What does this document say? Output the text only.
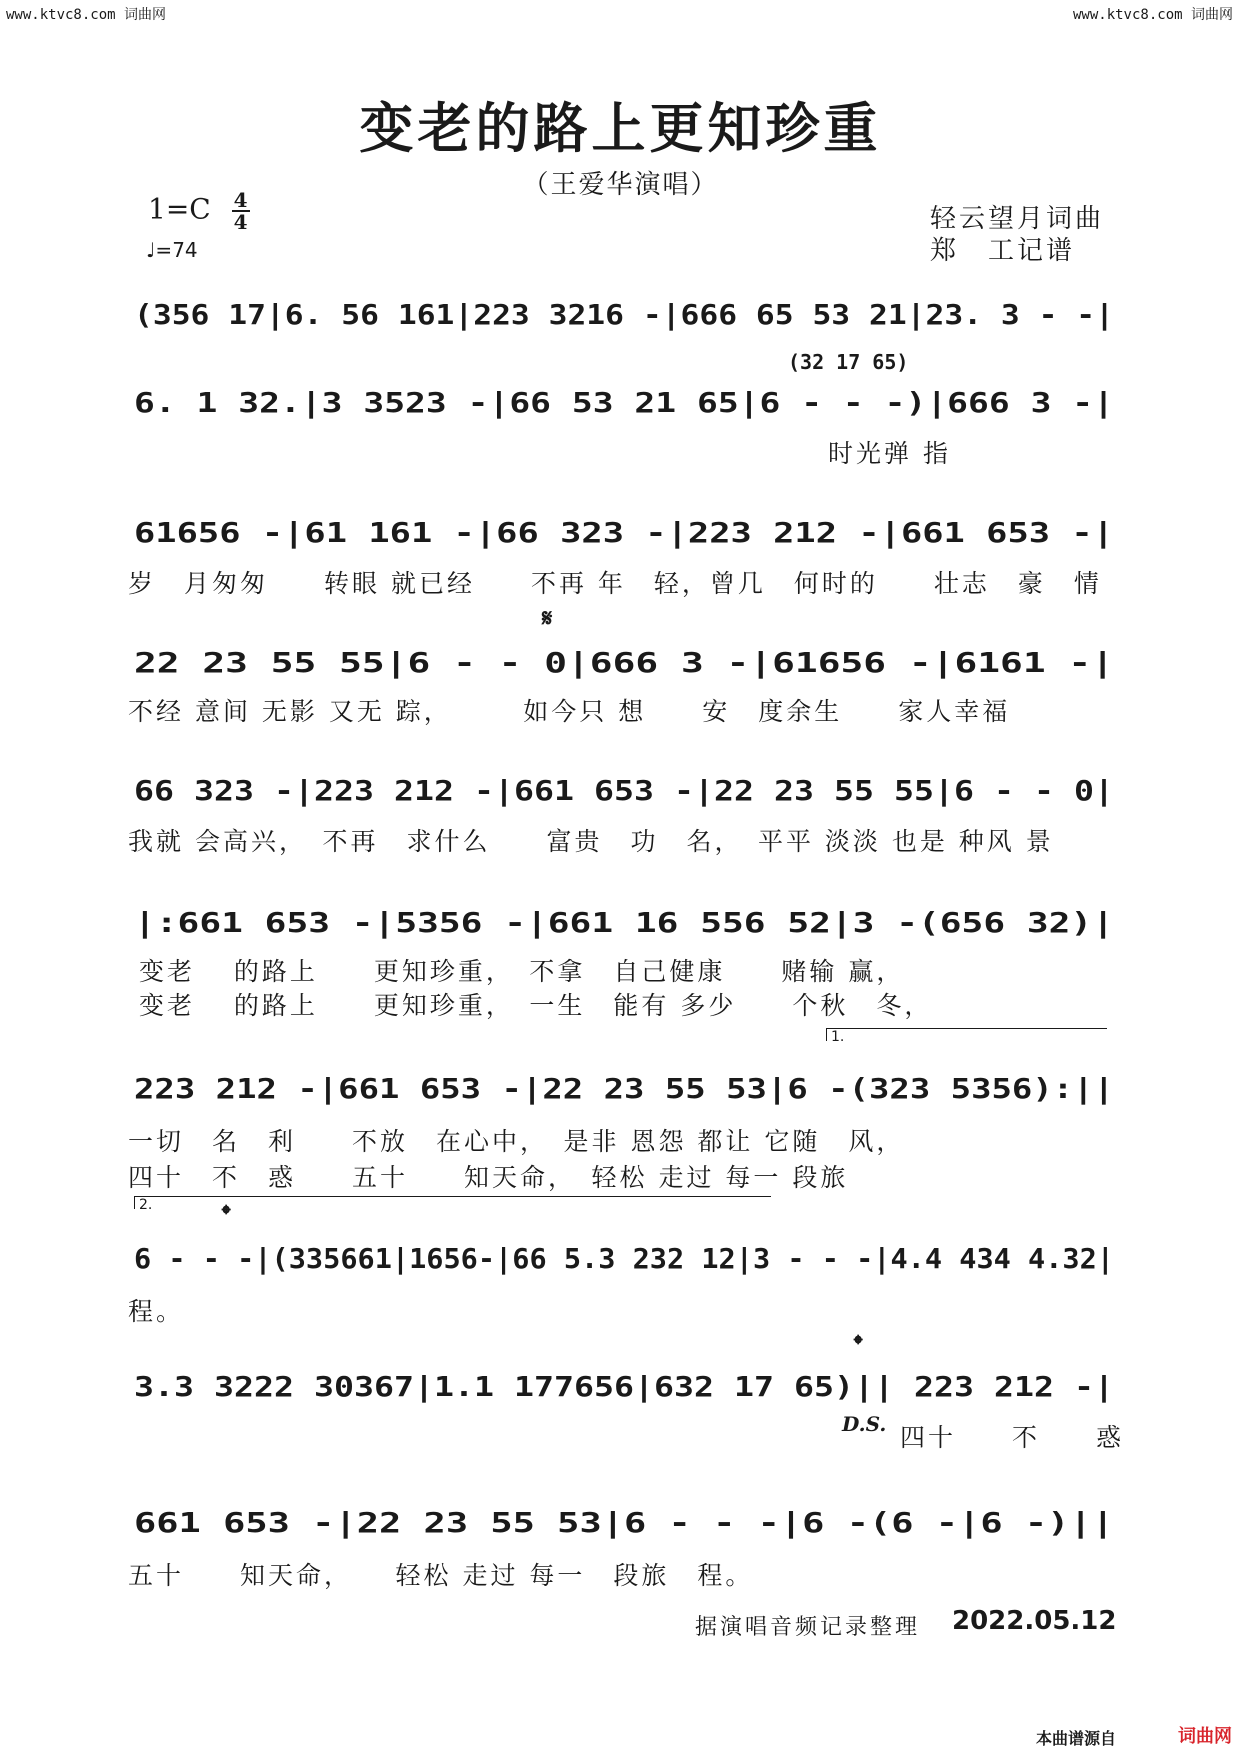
www.ktvc8.com 词曲网	www.ktvc8.com 词曲网
变老的路上更知珍重
（王爱华演唱）
$1=C \frac{4}{4}$
♩=74
轻云望月词曲
郑　工记谱
(356 17|6. 56 161|223 3216 -|666 65 53 21|23. 3 - -|
(32 17 65)
6. 1 32.|3 3523 -|66 53 21 65|6 - - -)|666 3 -|
　　　　　　　　　　　　　　　　　　　　　　　　　时光弹 指
61656 -|61 161 -|66 323 -|223 212 -|661 653 -|
岁　月匆匆　　转眼 就已经　　不再 年　轻，曾几　何时的　　壮志　豪　情
𝄋
22 23 55 55|6 - - 0|666 3 -|61656 -|6161 -|
不经 意间 无影 又无 踪，　　　如今只 想　　安　度余生　　家人幸福
66 323 -|223 212 -|661 653 -|22 23 55 55|6 - - 0|
我就 会高兴，　不再　求什么　　富贵　功　名，　平平 淡淡 也是 种风 景
|:661 653 -|5356 -|661 16 556 52|3 -(656 32)|
变老　 的路上　　更知珍重，　不拿　自己健康　　赌输 赢，
变老　 的路上　　更知珍重，　一生　能有 多少　　个秋　冬，
1.
223 212 -|661 653 -|22 23 55 53|6 -(323 5356):||
一切　名　利　　不放　在心中，　是非 恩怨 都让 它随　风，
四十　不　惑　　五十　　知天命，　轻松 走过 每一 段旅
2.	𝄌
6 - - -|(335661|1656-|66 5.3 232 12|3 - - -|4.4 434 4.32|
程。
𝄌
3.3 3222 30367|1.1 177656|632 17 65)|| 223 212 -|
D.S. 四十　　不　　惑
661 653 -|22 23 55 53|6 - - -|6 -(6 -|6 -)||
五十　　知天命，　　轻松 走过 每一　段旅　程。
据演唱音频记录整理 2022.05.12
本曲谱源自	词曲网
